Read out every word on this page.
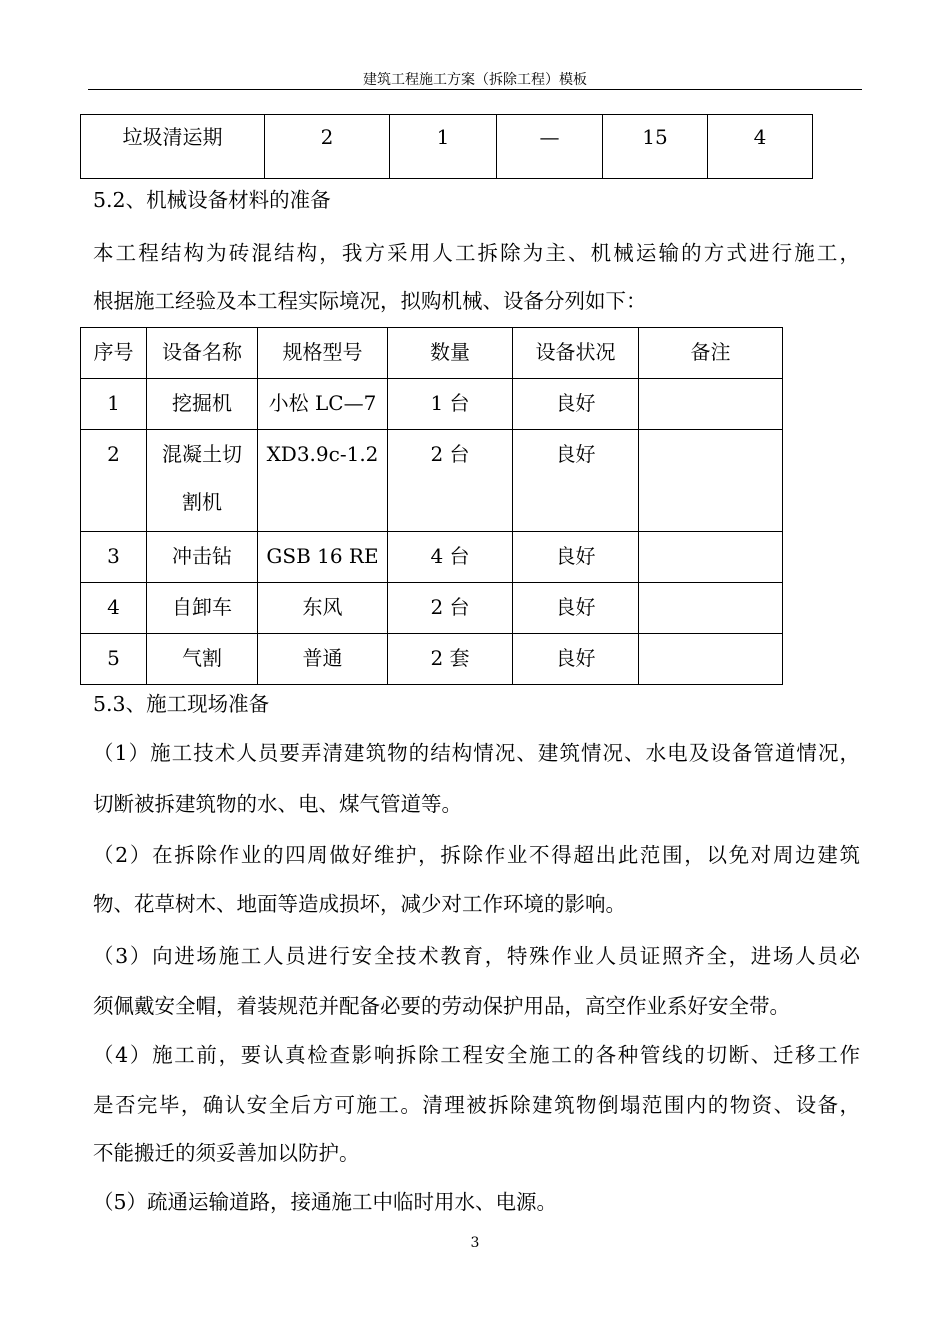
建筑工程施工方案（拆除工程）模板
垃圾清运期	2	1	—	15	4
5.2、机械设备材料的准备
本工程结构为砖混结构，我方采用人工拆除为主、机械运输的方式进行施工，
根据施工经验及本工程实际境况，拟购机械、设备分列如下：
序号	设备名称	规格型号	数量	设备状况	备注
1	挖掘机	小松 LC—7	1 台	良好	
2	混凝土切
割机	XD3.9c-1.2	2 台	良好	
3	冲击钻	GSB 16 RE	4 台	良好	
4	自卸车	东风	2 台	良好	
5	气割	普通	2 套	良好	
5.3、施工现场准备
（1）施工技术人员要弄清建筑物的结构情况、建筑情况、水电及设备管道情况，
切断被拆建筑物的水、电、煤气管道等。
（2）在拆除作业的四周做好维护，拆除作业不得超出此范围，以免对周边建筑
物、花草树木、地面等造成损坏，减少对工作环境的影响。
（3）向进场施工人员进行安全技术教育，特殊作业人员证照齐全，进场人员必
须佩戴安全帽，着装规范并配备必要的劳动保护用品，高空作业系好安全带。
（4）施工前，要认真检查影响拆除工程安全施工的各种管线的切断、迁移工作
是否完毕，确认安全后方可施工。清理被拆除建筑物倒塌范围内的物资、设备，
不能搬迁的须妥善加以防护。
（5）疏通运输道路，接通施工中临时用水、电源。
3
